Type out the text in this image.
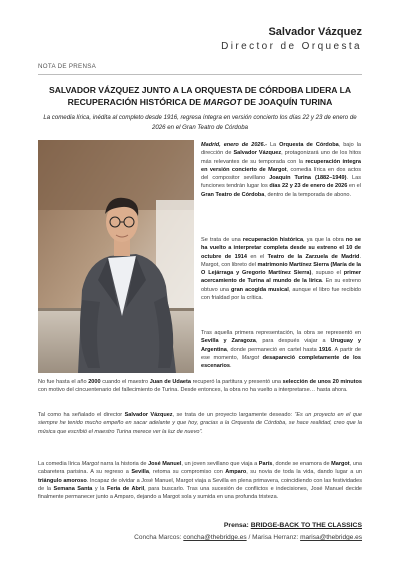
Salvador Vázquez
Director de Orquesta
NOTA DE PRENSA
SALVADOR VÁZQUEZ JUNTO A LA ORQUESTA DE CÓRDOBA LIDERA LA RECUPERACIÓN HISTÓRICA DE MARGOT DE JOAQUÍN TURINA
La comedia lírica, inédita al completo desde 1916, regresa íntegra en versión concierto los días 22 y 23 de enero de 2026 en el Gran Teatro de Córdoba
Madrid, enero de 2026.- La Orquesta de Córdoba, bajo la dirección de Salvador Vázquez, protagonizará uno de los hitos más relevantes de su temporada con la recuperación íntegra en versión concierto de Margot, comedia lírica en dos actos del compositor sevillano Joaquín Turina (1882–1949). Las funciones tendrán lugar los días 22 y 23 de enero de 2026 en el Gran Teatro de Córdoba, dentro de la temporada de abono.
Se trata de una recuperación histórica, ya que la obra no se ha vuelto a interpretar completa desde su estreno el 10 de octubre de 1914 en el Teatro de la Zarzuela de Madrid. Margot, con libreto del matrimonio Martínez Sierra (María de la O Lejárraga y Gregorio Martínez Sierra), supuso el primer acercamiento de Turina al mundo de la lírica. En su estreno obtuvo una gran acogida musical, aunque el libro fue recibido con frialdad por la crítica.
Tras aquella primera representación, la obra se representó en Sevilla y Zaragoza, para después viajar a Uruguay y Argentina, donde permaneció en cartel hasta 1916. A partir de ese momento, Margot desapareció completamente de los escenarios.
No fue hasta el año 2000 cuando el maestro Juan de Udaeta recuperó la partitura y presentó una selección de unos 20 minutos con motivo del cincuentenario del fallecimiento de Turina. Desde entonces, la obra no ha vuelto a interpretarse… hasta ahora.
Tal como ha señalado el director Salvador Vázquez, se trata de un proyecto largamente deseado: “Es un proyecto en el que siempre he tenido mucho empeño en sacar adelante y que hoy, gracias a la Orquesta de Córdoba, se hace realidad, creo que la música que escribió el maestro Turina merece ver la luz de nuevo”.
La comedia lírica Margot narra la historia de José Manuel, un joven sevillano que viaja a París, donde se enamora de Margot, una cabaretera parisina. A su regreso a Sevilla, retoma su compromiso con Amparo, su novia de toda la vida, dando lugar a un triángulo amoroso. Incapaz de olvidar a José Manuel, Margot viaja a Sevilla en plena primavera, coincidiendo con las festividades de la Semana Santa y la Feria de Abril, para buscarlo. Tras una sucesión de conflictos e indecisiones, José Manuel decide finalmente permanecer junto a Amparo, dejando a Margot sola y sumida en una profunda tristeza.
Prensa: BRIDGE-BACK TO THE CLASSICS
Concha Marcos: concha@thebridge.es / Marisa Herranz: marisa@thebridge.es
